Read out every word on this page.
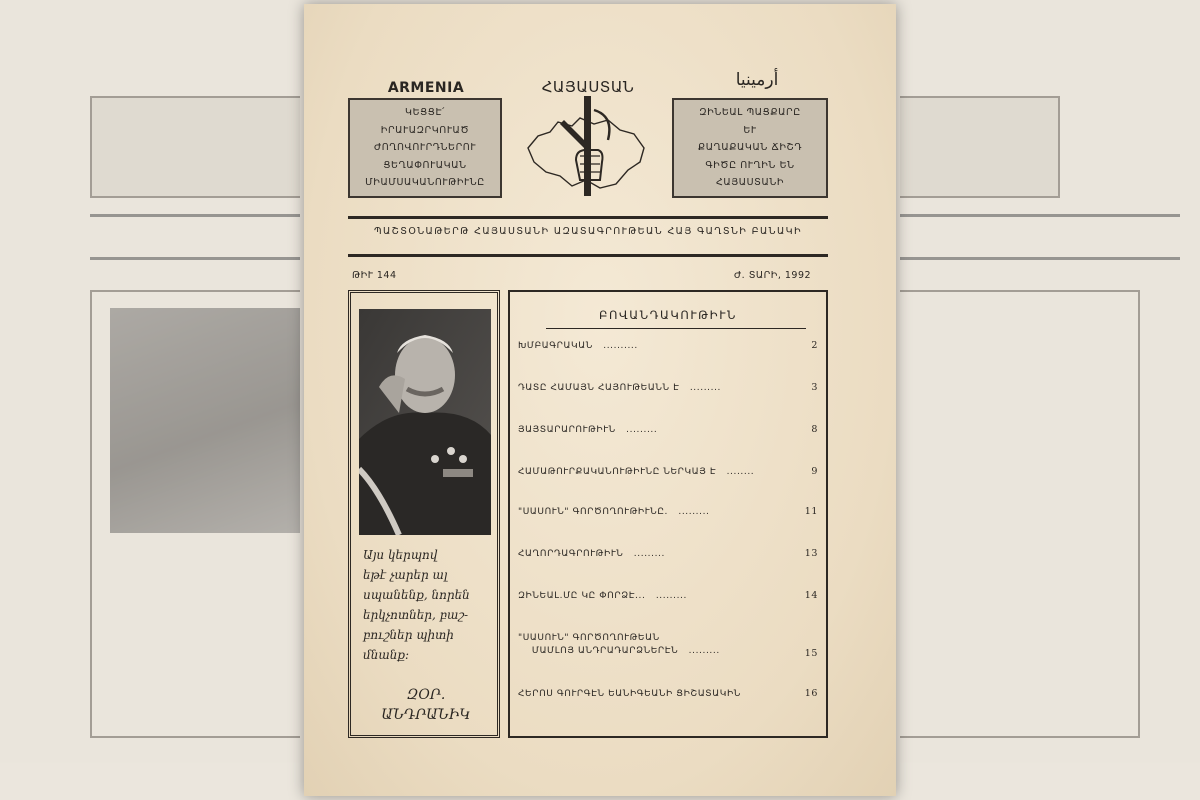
ARMENIA	أرمينيا
ԿԵՑՑԷ՛
ԻՐԱՒԱԶՐԿՈՒԱԾ
ԺՈՂՈՎՈՒՐԴՆԵՐՈՒ
ՑԵՂԱՓՈՒԱԿԱՆ
ՄԻԱՄՍԱԿԱՆՈՒԹԻՒՆԸ
ՀԱՅԱՍՏԱՆ
ԶԻՆԵԱԼ ՊԱՑՔԱՐԸ
ԵՒ
ՔԱՂԱՔԱԿԱՆ ՃԻՇԴ
ԳԻԾԸ ՈՒՂԻՆ ԵՆ
ՀԱՅԱՍՏԱՆԻ
ՊԱՇՏՕՆԱԹԵՐԹ ՀԱՅԱՍՏԱՆԻ ԱԶԱՏԱԳՐՈՒԹԵԱՆ ՀԱՅ ԳԱՂՏՆԻ ԲԱՆԱԿԻ
ԹԻՒ 144	Ժ. ՏԱՐԻ, 1992
Այս կերպով
եթէ չարեր ալ
սպանենք, նորեն
երկչոտներ, բաշ-
բուշներ պիտի
մնանք:
ԶՕՐ.
ԱՆԴՐԱՆԻԿ
ԲՈՎԱՆԴԱԿՈՒԹԻՒՆ
ԽՄԲԱԳՐԱԿԱՆ   ..........	2
ԴԱՏԸ ՀԱՄԱՅՆ ՀԱՅՈՒԹԵԱՆՆ Է   .........	3
ՅԱՅՏԱՐԱՐՈՒԹԻՒՆ   .........	8
ՀԱՄԱԹՈՒՐՔԱԿԱՆՈՒԹԻՒՆԸ ՆԵՐԿԱՅ Է   ........	9
"ՍԱՍՈՒՆ" ԳՈՐԾՈՂՈՒԹԻՒՆԸ.   .........	11
ՀԱՂՈՐԴԱԳՐՈՒԹԻՒՆ   .........	13
ԶԻՆԵԱԼ.ՄԸ ԿԸ ՓՈՐՁԷ...   .........	14
"ՍԱՍՈՒՆ" ԳՈՐԾՈՂՈՒԹԵԱՆ
ՄԱՄԼՈՅ ԱՆԴՐԱԴԱՐՁՆԵՐԷՆ   .........	15
ՀԵՐՈՍ ԳՈՒՐԳԷՆ ԵԱՆԻԳԵԱՆԻ ՑԻՇԱՏԱԿԻՆ	16
